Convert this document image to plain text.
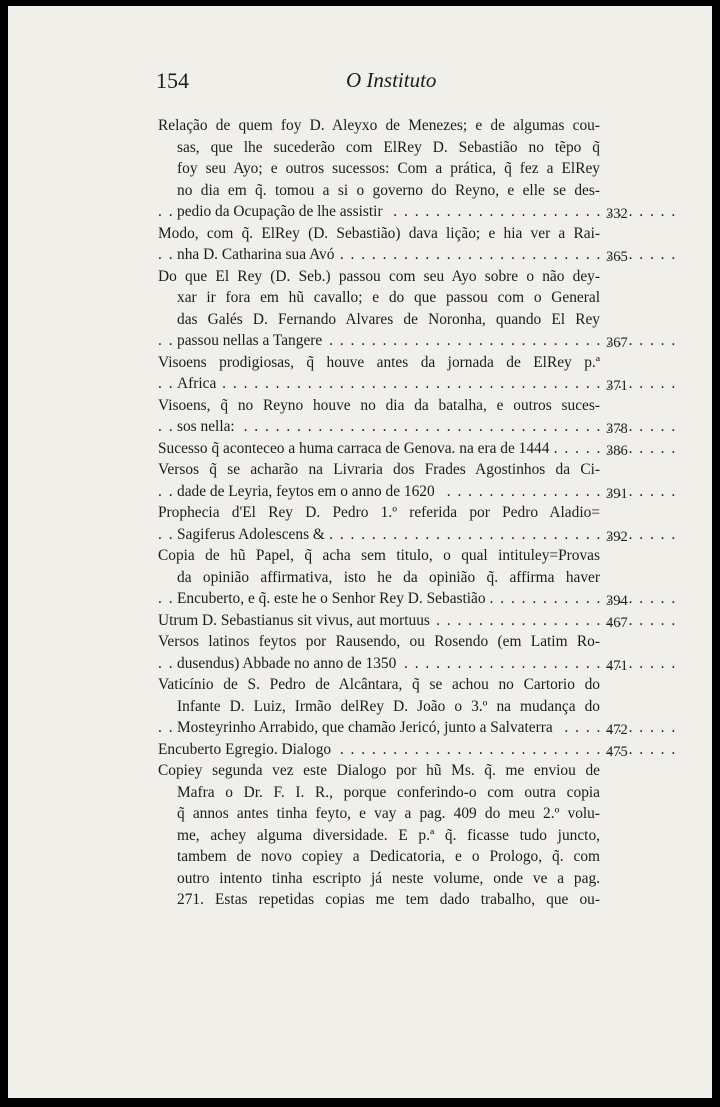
154	O Instituto
Relação de quem foy D. Aleyxo de Menezes; e de algumas cou-
sas, que lhe sucederão com ElRey D. Sebastião no tẽpo q̃
foy seu Ayo; e outros sucessos: Com a prática, q̃ fez a ElRey
no dia em q̃. tomou a si o governo do Reyno, e elle se des-
pedio da Ocupação de lhe assistir	332
. . .
Modo, com q̃. ElRey (D. Sebastião) dava lição; e hia ver a Rai-
nha D. Catharina sua Avó	365
. . .
Do que El Rey (D. Seb.) passou com seu Ayo sobre o não dey-
xar ir fora em hũ cavallo; e do que passou com o General
das Galés D. Fernando Alvares de Noronha, quando El Rey
passou nellas a Tangere	367
. . .
Visoens prodigiosas, q̃ houve antes da jornada de ElRey p.ª
Africa	371
. . .
Visoens, q̃ no Reyno houve no dia da batalha, e outros suces-
sos nella:	378
. . .
Sucesso q̃ aconteceo a huma carraca de Genova. na era de 1444	386
. . .
Versos q̃ se acharão na Livraria dos Frades Agostinhos da Ci-
dade de Leyria, feytos em o anno de 1620	391
. . .
Prophecia d'El Rey D. Pedro 1.º referida por Pedro Aladio=
Sagiferus Adolescens &	392
. . .
Copia de hũ Papel, q̃ acha sem titulo, o qual intituley=Provas
da opinião affirmativa, isto he da opinião q̃. affirma haver
Encuberto, e q̃. este he o Senhor Rey D. Sebastião	394
. . .
Utrum D. Sebastianus sit vivus, aut mortuus	467
. . .
Versos latinos feytos por Rausendo, ou Rosendo (em Latim Ro-
dusendus) Abbade no anno de 1350	471
. . .
Vaticínio de S. Pedro de Alcântara, q̃ se achou no Cartorio do
Infante D. Luiz, Irmão delRey D. João o 3.º na mudança do
Mosteyrinho Arrabido, que chamão Jericó, junto a Salvaterra	472
. . .
Encuberto Egregio. Dialogo	475
. . .
Copiey segunda vez este Dialogo por hũ Ms. q̃. me enviou de
Mafra o Dr. F. I. R., porque conferindo-o com outra copia
q̃ annos antes tinha feyto, e vay a pag. 409 do meu 2.º volu-
me, achey alguma diversidade. E p.ª q̃. ficasse tudo juncto,
tambem de novo copiey a Dedicatoria, e o Prologo, q̃. com
outro intento tinha escripto já neste volume, onde ve a pag.
271. Estas repetidas copias me tem dado trabalho, que ou-
